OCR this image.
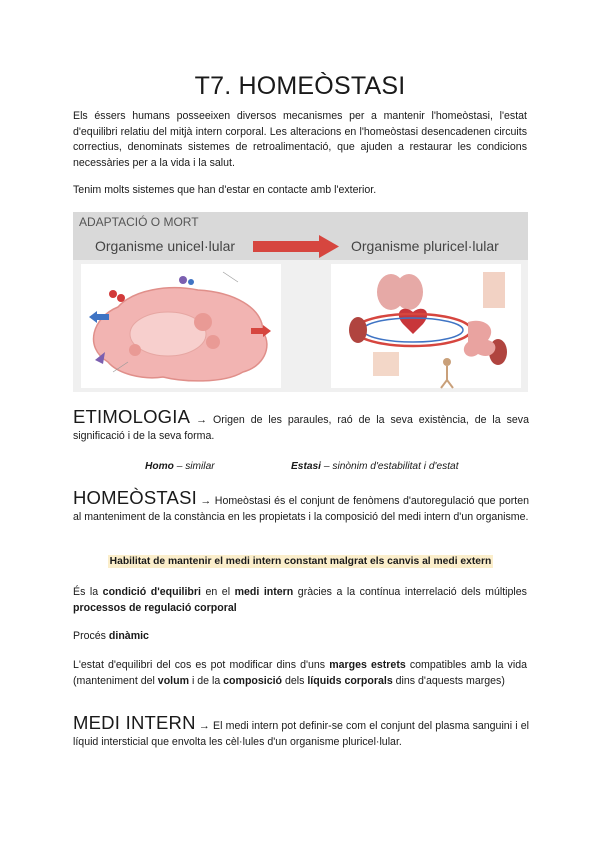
T7. HOMEÒSTASI

Els éssers humans posseeixen diversos mecanismes per a mantenir l'homeòstasi, l'estat d'equilibri relatiu del mitjà intern corporal. Les alteracions en l'homeòstasi desencadenen circuits correctius, denominats sistemes de retroalimentació, que ajuden a restaurar les condicions necessàries per a la vida i la salut.

Tenim molts sistemes que han d'estar en contacte amb l'exterior.

ADAPTACIÓ O MORT
Organisme unicel·lular	Organisme pluricel·lular

ETIMOLOGIA → Origen de les paraules, raó de la seva existència, de la seva significació i de la seva forma.

Homo – similar	Estasi – sinònim d'estabilitat i d'estat

HOMEÒSTASI → Homeòstasi és el conjunt de fenòmens d'autoregulació que porten al manteniment de la constància en les propietats i la composició del medi intern d'un organisme.

Habilitat de mantenir el medi intern constant malgrat els canvis al medi extern

És la condició d'equilibri en el medi intern gràcies a la contínua interrelació dels múltiples processos de regulació corporal

Procés dinàmic

L'estat d'equilibri del cos es pot modificar dins d'uns marges estrets compatibles amb la vida (manteniment del volum i de la composició dels líquids corporals dins d'aquests marges)

MEDI INTERN → El medi intern pot definir-se com el conjunt del plasma sanguini i el líquid intersticial que envolta les cèl·lules d'un organisme pluricel·lular.
